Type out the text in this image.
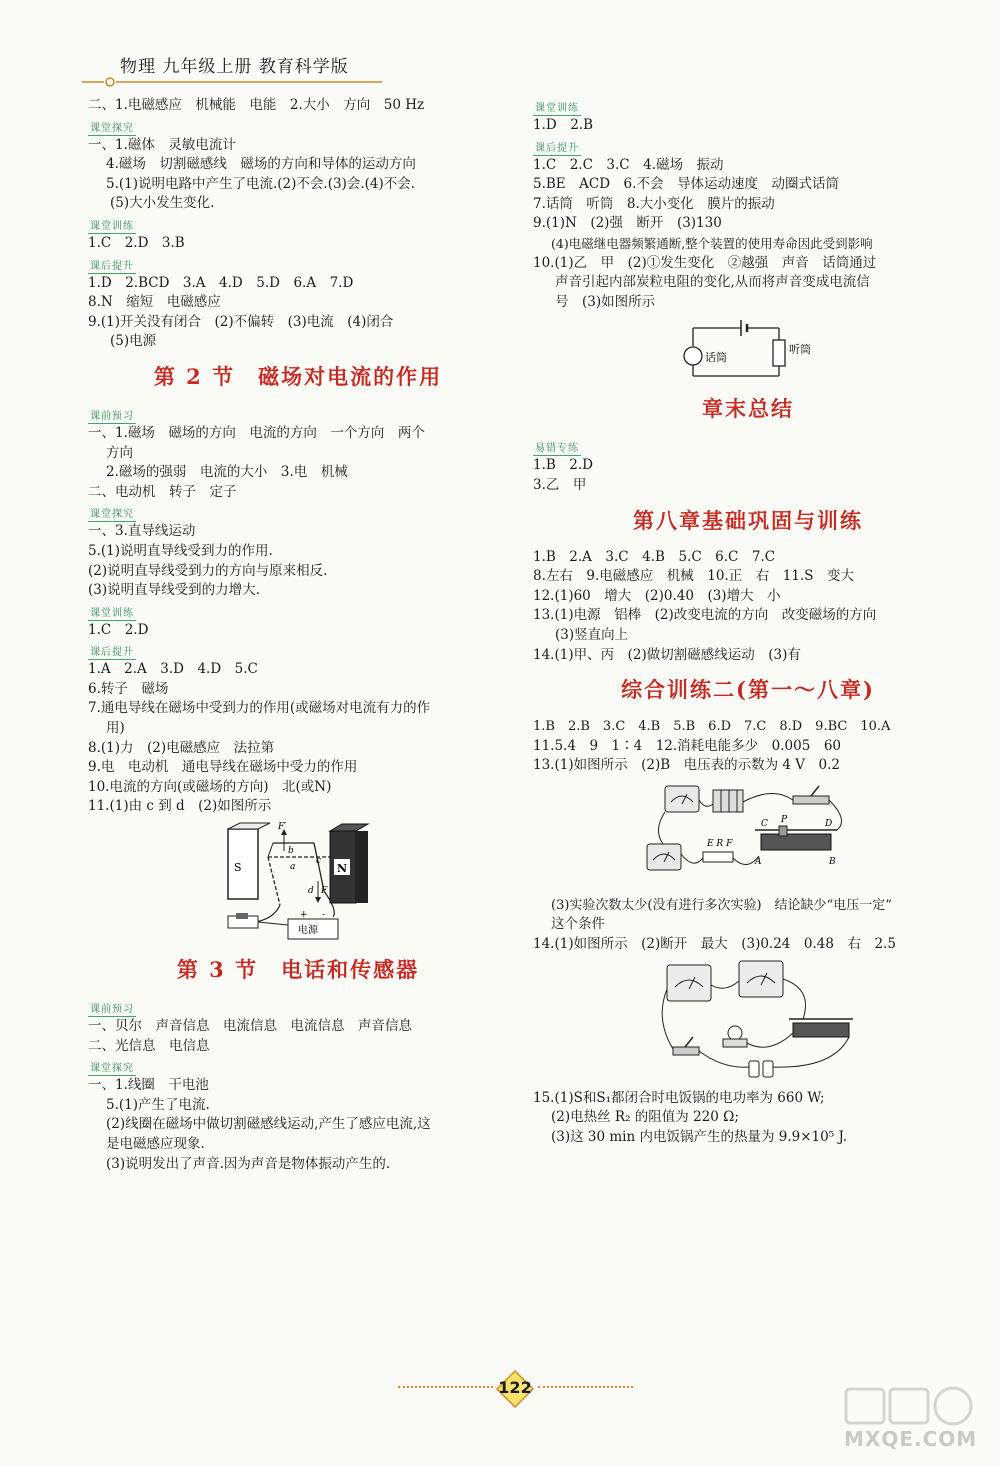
物理 九年级上册 教育科学版
二、1.电磁感应　机械能　电能　2.大小　方向　50 Hz
课堂探究
一、1.磁体　灵敏电流计
4.磁场　切割磁感线　磁场的方向和导体的运动方向
5.(1)说明电路中产生了电流.(2)不会.(3)会.(4)不会.
(5)大小发生变化.
课堂训练
1.C　2.D　3.B
课后提升
1.D　2.BCD　3.A　4.D　5.D　6.A　7.D
8.N　缩短　电磁感应
9.(1)开关没有闭合　(2)不偏转　(3)电流　(4)闭合
(5)电源
第 2 节　磁场对电流的作用
课前预习
一、1.磁场　磁场的方向　电流的方向　一个方向　两个
方向
2.磁场的强弱　电流的大小　3.电　机械
二、电动机　转子　定子
课堂探究
一、3.直导线运动
5.(1)说明直导线受到力的作用.
(2)说明直导线受到力的方向与原来相反.
(3)说明直导线受到的力增大.
课堂训练
1.C　2.D
课后提升
1.A　2.A　3.D　4.D　5.C
6.转子　磁场
7.通电导线在磁场中受到力的作用(或磁场对电流有力的作
用)
8.(1)力　(2)电磁感应　法拉第
9.电　电动机　通电导线在磁场中受力的作用
10.电流的方向(或磁场的方向)　北(或N)
11.(1)由 c 到 d　(2)如图所示
S	N
F′
b
a
c
d F
电源
+ -
第 3 节　电话和传感器
课前预习
一、贝尔　声音信息　电流信息　电流信息　声音信息
二、光信息　电信息
课堂探究
一、1.线圈　干电池
5.(1)产生了电流.
(2)线圈在磁场中做切割磁感线运动,产生了感应电流,这
是电磁感应现象.
(3)说明发出了声音.因为声音是物体振动产生的.
课堂训练
1.D　2.B
课后提升
1.C　2.C　3.C　4.磁场　振动
5.BE　ACD　6.不会　导体运动速度　动圈式话筒
7.话筒　听筒　8.大小变化　膜片的振动
9.(1)N　(2)强　断开　(3)130
(4)电磁继电器频繁通断,整个装置的使用寿命因此受到影响
10.(1)乙　甲　(2)①发生变化　②越强　声音　话筒通过
声音引起内部炭粒电阻的变化,从而将声音变成电流信
号　(3)如图所示
话筒
听筒
章末总结
易错专练
1.B　2.D
3.乙　甲
第八章基础巩固与训练
1.B　2.A　3.C　4.B　5.C　6.C　7.C
8.左右　9.电磁感应　机械　10.正　右　11.S　变大
12.(1)60　增大　(2)0.40　(3)增大　小
13.(1)电源　铝棒　(2)改变电流的方向　改变磁场的方向
(3)竖直向上
14.(1)甲、丙　(2)做切割磁感线运动　(3)有
综合训练二(第一～八章)
1.B　2.B　3.C　4.B　5.B　6.D　7.C　8.D　9.BC　10.A
11.5.4　9　1∶4　12.消耗电能多少　0.005　60
13.(1)如图所示　(2)B　电压表的示数为 4 V　0.2
E R F
C P	D
A	B
(3)实验次数太少(没有进行多次实验)　结论缺少“电压一定”
这个条件
14.(1)如图所示　(2)断开　最大　(3)0.24　0.48　右　2.5
15.(1)S和S₁都闭合时电饭锅的电功率为 660 W;
(2)电热丝 R₂ 的阻值为 220 Ω;
(3)这 30 min 内电饭锅产生的热量为 9.9×10⁵ J.
122
MXQE.COM
